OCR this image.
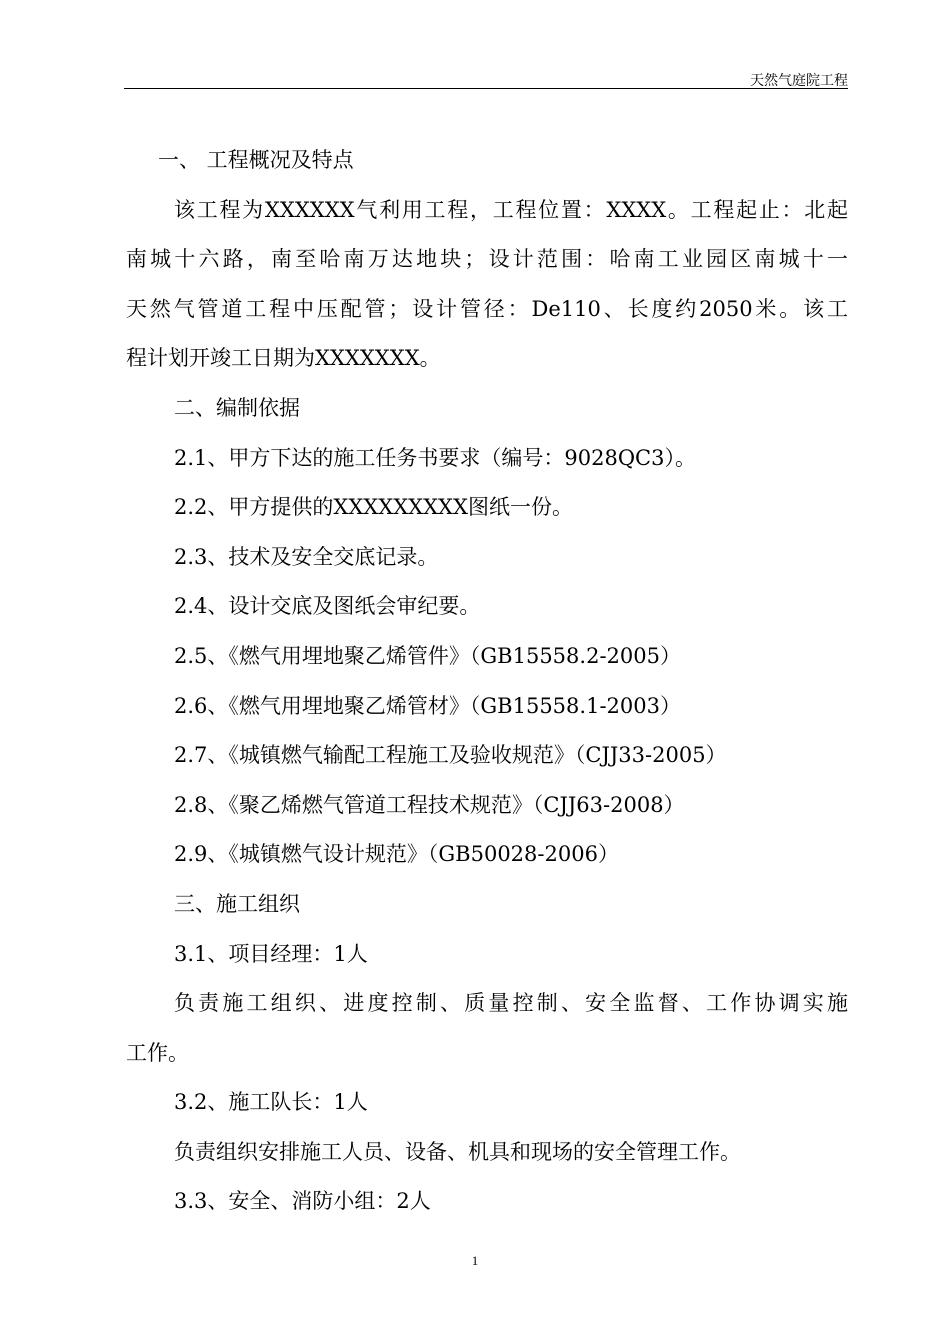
天然气庭院工程
一、 工程概况及特点
该工程为XXXXXX气利用工程，工程位置：XXXX。工程起止：北起
南城十六路，南至哈南万达地块；设计范围：哈南工业园区南城十一
天然气管道工程中压配管；设计管径：De110、长度约2050米。该工
程计划开竣工日期为XXXXXXX。
二、编制依据
2.1、甲方下达的施工任务书要求（编号：9028QC3）。
2.2、甲方提供的XXXXXXXXX图纸一份。
2.3、技术及安全交底记录。
2.4、设计交底及图纸会审纪要。
2.5、《燃气用埋地聚乙烯管件》（GB15558.2-2005）
2.6、《燃气用埋地聚乙烯管材》（GB15558.1-2003）
2.7、《城镇燃气输配工程施工及验收规范》（CJJ33-2005）
2.8、《聚乙烯燃气管道工程技术规范》（CJJ63-2008）
2.9、《城镇燃气设计规范》（GB50028-2006）
三、施工组织
3.1、项目经理：1人
负责施工组织、进度控制、质量控制、安全监督、工作协调实施
工作。
3.2、施工队长：1人
负责组织安排施工人员、设备、机具和现场的安全管理工作。
3.3、安全、消防小组：2人
1
